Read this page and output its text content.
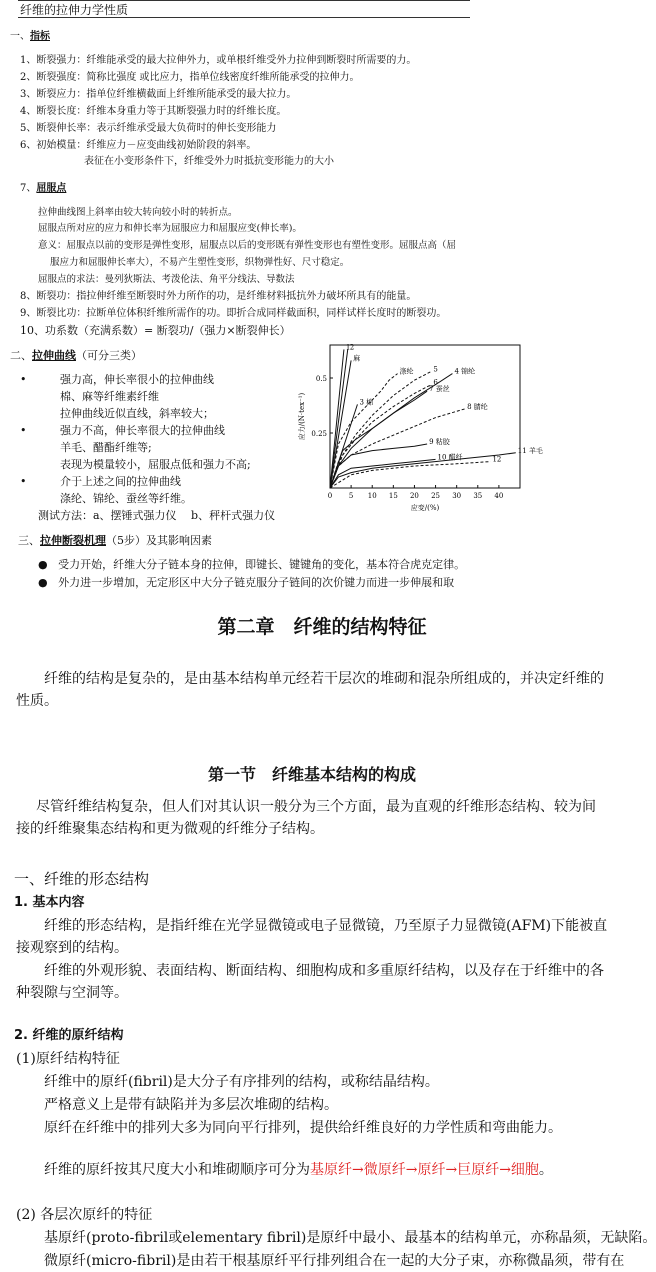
纤维的拉伸力学性质
一、指标
1、断裂强力：纤维能承受的最大拉伸外力，或单根纤维受外力拉伸到断裂时所需要的力。
2、断裂强度：简称比强度 或比应力，指单位线密度纤维所能承受的拉伸力。
3、断裂应力：指单位纤维横截面上纤维所能承受的最大拉力。
4、断裂长度：纤维本身重力等于其断裂强力时的纤维长度。
5、断裂伸长率：表示纤维承受最大负荷时的伸长变形能力
6、初始模量：纤维应力－应变曲线初始阶段的斜率。
表征在小变形条件下，纤维受外力时抵抗变形能力的大小
7、屈服点
拉伸曲线图上斜率由较大转向较小时的转折点。
屈服点所对应的应力和伸长率为屈服应力和屈服应变(伸长率)。
意义：屈服点以前的变形是弹性变形，屈服点以后的变形既有弹性变形也有塑性变形。屈服点高（屈
服应力和屈服伸长率大），不易产生塑性变形，织物弹性好、尺寸稳定。
屈服点的求法：曼列狄斯法、考泼伦法、角平分线法、导数法
8、断裂功：指拉伸纤维至断裂时外力所作的功，是纤维材料抵抗外力破坏所具有的能量。
9、断裂比功：拉断单位体积纤维所需作的功。即折合成同样截面积，同样试样长度时的断裂功。
10、功系数（充满系数）= 断裂功/（强力×断裂伸长）
二、拉伸曲线（可分三类）
•	强力高，伸长率很小的拉伸曲线
棉、麻等纤维素纤维
拉伸曲线近似直线，斜率较大；
•	强力不高，伸长率很大的拉伸曲线
羊毛、醋酯纤维等;
表现为模量较小，屈服点低和强力不高;
•	介于上述之间的拉伸曲线
涤纶、锦纶、蚕丝等纤维。
测试方法：a、摆锤式强力仪　 b、秤杆式强力仪
0 5 10 15 20 25 30 35 40
0.25
0.5
应变/(%)
应力/(N·tex⁻¹)
1 2
麻
3 棉
涤纶	5 4 锦纶
6
7 蚕丝
8 腈纶
9 粘胶
10 醋纤
11 羊毛
12
三、拉伸断裂机理（5步）及其影响因素
● 受力开始，纤维大分子链本身的拉伸，即键长、键键角的变化，基本符合虎克定律。
● 外力进一步增加，无定形区中大分子链克服分子链间的次价键力而进一步伸展和取
第二章　纤维的结构特征
纤维的结构是复杂的，是由基本结构单元经若干层次的堆砌和混杂所组成的，并决定纤维的性质。
第一节　纤维基本结构的构成
尽管纤维结构复杂，但人们对其认识一般分为三个方面，最为直观的纤维形态结构、较为间接的纤维聚集态结构和更为微观的纤维分子结构。
一、纤维的形态结构
1. 基本内容
纤维的形态结构，是指纤维在光学显微镜或电子显微镜，乃至原子力显微镜(AFM)下能被直接观察到的结构。
纤维的外观形貌、表面结构、断面结构、细胞构成和多重原纤结构，以及存在于纤维中的各种裂隙与空洞等。
2. 纤维的原纤结构
(1)原纤结构特征
纤维中的原纤(fibril)是大分子有序排列的结构，或称结晶结构。
严格意义上是带有缺陷并为多层次堆砌的结构。
原纤在纤维中的排列大多为同向平行排列，提供给纤维良好的力学性质和弯曲能力。
纤维的原纤按其尺度大小和堆砌顺序可分为基原纤→微原纤→原纤→巨原纤→细胞。
(2) 各层次原纤的特征
基原纤(proto-fibril或elementary fibril)是原纤中最小、最基本的结构单元，亦称晶须，无缺陷。
微原纤(micro-fibril)是由若干根基原纤平行排列组合在一起的大分子束，亦称微晶须，带有在
